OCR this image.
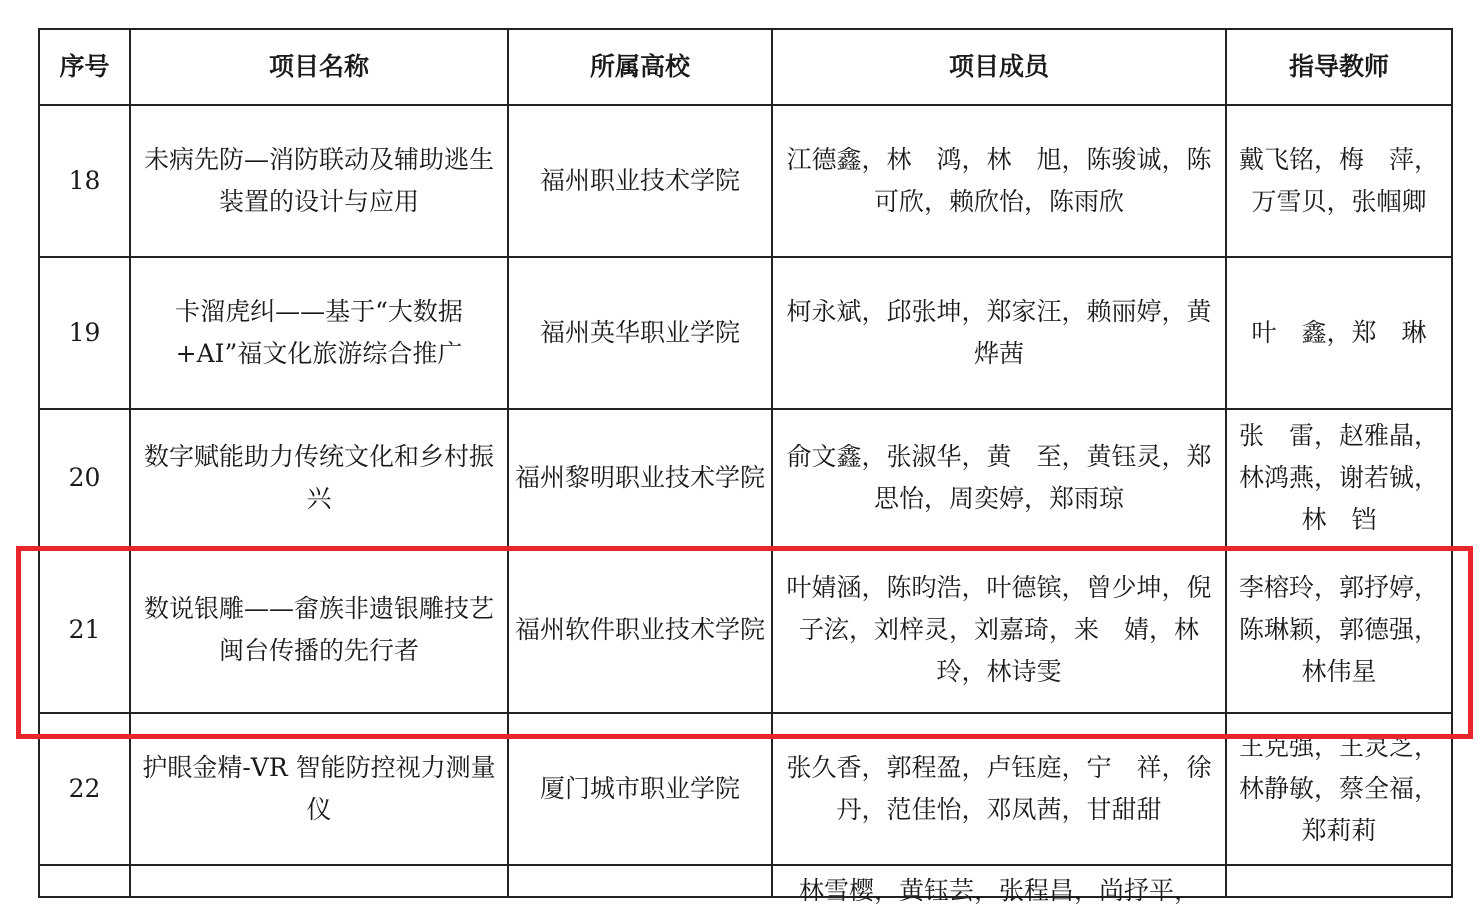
序号	项目名称	所属高校	项目成员	指导教师
18	未病先防—消防联动及辅助逃生装置的设计与应用	福州职业技术学院	江德鑫，林　鸿，林　旭，陈骏诚，陈可欣，赖欣怡，陈雨欣	戴飞铭，梅　萍，万雪贝，张帼卿
19	卡溜虎纠——基于“大数据+AI”福文化旅游综合推广	福州英华职业学院	柯永斌，邱张坤，郑家汪，赖丽婷，黄烨茜	叶　鑫，郑　琳
20	数字赋能助力传统文化和乡村振兴	福州黎明职业技术学院	俞文鑫，张淑华，黄　至，黄钰灵，郑思怡，周奕婷，郑雨琼	张　雷，赵雅晶，林鸿燕，谢若铖，林　铛
21	数说银雕——畲族非遗银雕技艺闽台传播的先行者	福州软件职业技术学院	叶婧涵，陈昀浩，叶德镔，曾少坤，倪子泫，刘梓灵，刘嘉琦，来　婧，林　玲，林诗雯	李榕玲，郭抒婷，陈琳颖，郭德强，林伟星
22	护眼金精-VR 智能防控视力测量仪	厦门城市职业学院	张久香，郭程盈，卢钰庭，宁　祥，徐　丹，范佳怡，邓凤茜，甘甜甜	王克强，王灵芝，林静敏，蔡全福，郑莉莉

			林雪樱，黄钰芸，张程昌，尚抒平，	
